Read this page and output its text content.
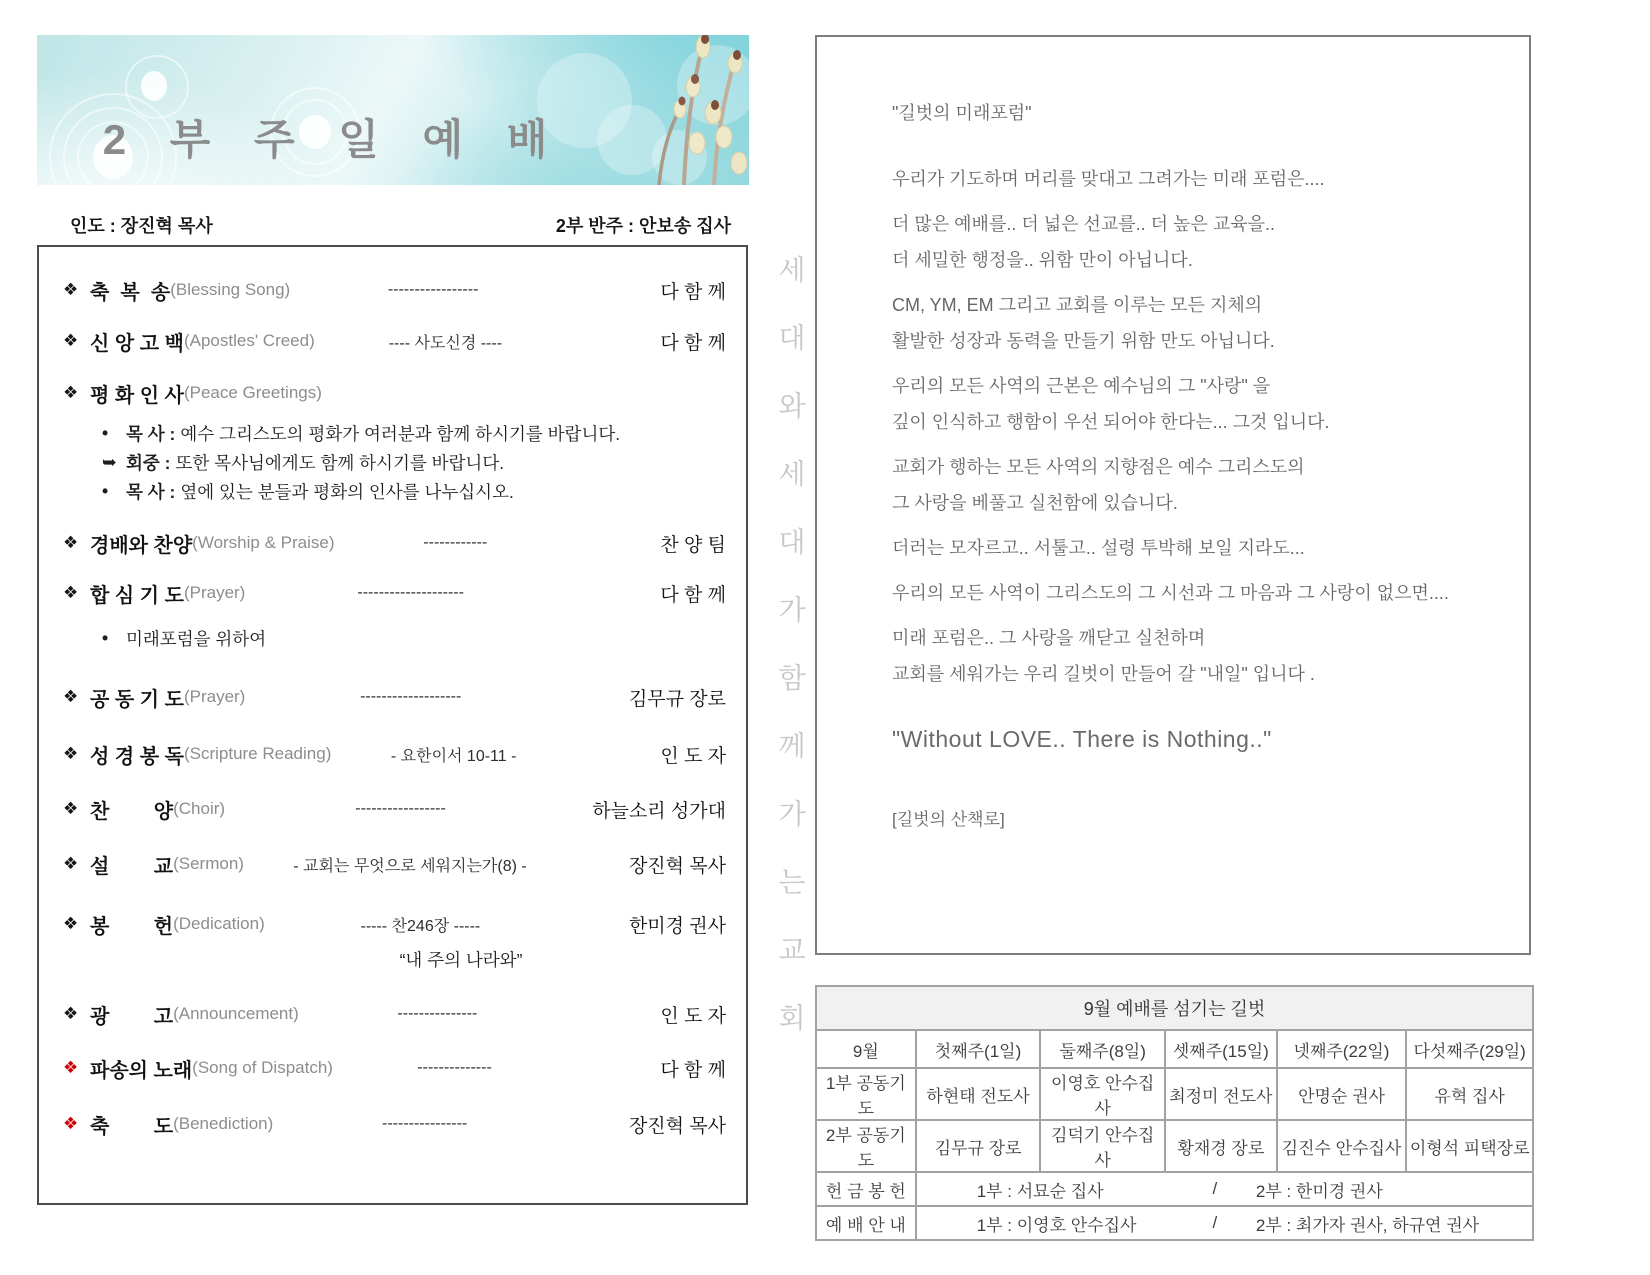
2 부 주 일 예 배
인도 : 장진혁 목사	2부 반주 : 안보송 집사
❖ 축  복  송 (Blessing Song)	-----------------	다 함 께
❖ 신 앙 고 백 (Apostles' Creed)	---- 사도신경 ----	다 함 께
❖ 평 화 인 사 (Peace Greetings)
•	목 사 : 예수 그리스도의 평화가 여러분과 함께 하시기를 바랍니다.
➥ 회중 : 또한 목사님에게도 함께 하시기를 바랍니다.
•	목 사 : 옆에 있는 분들과 평화의 인사를 나누십시오.
❖ 경배와 찬양 (Worship & Praise)	------------	찬 양 팀
❖ 합 심 기 도 (Prayer)	--------------------	다 함 께
•	미래포럼을 위하여
❖ 공 동 기 도 (Prayer)	-------------------	김무규 장로
❖ 성 경 봉 독 (Scripture Reading)	- 요한이서 10-11 -	인 도 자
❖ 찬        양 (Choir)	-----------------	하늘소리 성가대
❖ 설        교 (Sermon)	- 교회는 무엇으로 세워지는가(8) -	장진혁 목사
❖ 봉        헌 (Dedication)	----- 찬246장 -----	한미경 권사
“내 주의 나라와”
❖ 광        고 (Announcement)	---------------	인 도 자
❖ 파송의 노래 (Song of Dispatch)	--------------	다 함 께
❖ 축        도 (Benediction)	----------------	장진혁 목사
세대와세대가함께가는교회
"길벗의 미래포럼"
우리가 기도하며 머리를 맞대고 그려가는 미래 포럼은....
더 많은 예배를.. 더 넓은 선교를.. 더 높은 교육을..
더 세밀한 행정을.. 위함 만이 아닙니다.
CM, YM, EM 그리고 교회를 이루는 모든 지체의
활발한 성장과 동력을 만들기 위함 만도 아닙니다.
우리의 모든 사역의 근본은 예수님의 그 "사랑" 을
깊이 인식하고 행함이 우선 되어야 한다는... 그것 입니다.
교회가 행하는 모든 사역의 지향점은 예수 그리스도의
그 사랑을 베풀고 실천함에 있습니다.
더러는 모자르고.. 서툴고.. 설령 투박해 보일 지라도...
우리의 모든 사역이 그리스도의 그 시선과 그 마음과 그 사랑이 없으면....
미래 포럼은.. 그 사랑을 깨닫고 실천하며
교회를 세워가는 우리 길벗이 만들어 갈 "내일" 입니다 .
"Without LOVE.. There is Nothing.."
[길벗의 산책로]
9월 예배를 섬기는 길벗					
9월	첫째주(1일)	둘째주(8일)	셋째주(15일)	넷째주(22일)	다섯째주(29일)
1부 공동기도	하현태 전도사	이영호 안수집사	최정미 전도사	안명순 권사	유혁 집사
2부 공동기도	김무규 장로	김덕기 안수집사	황재경 장로	김진수 안수집사	이형석 피택장로
헌 금 봉 헌	1부 : 서묘순 집사 / 2부 : 한미경 권사				

예 배 안 내	1부 : 이영호 안수집사 / 2부 : 최가자 권사, 하규연 권사				
